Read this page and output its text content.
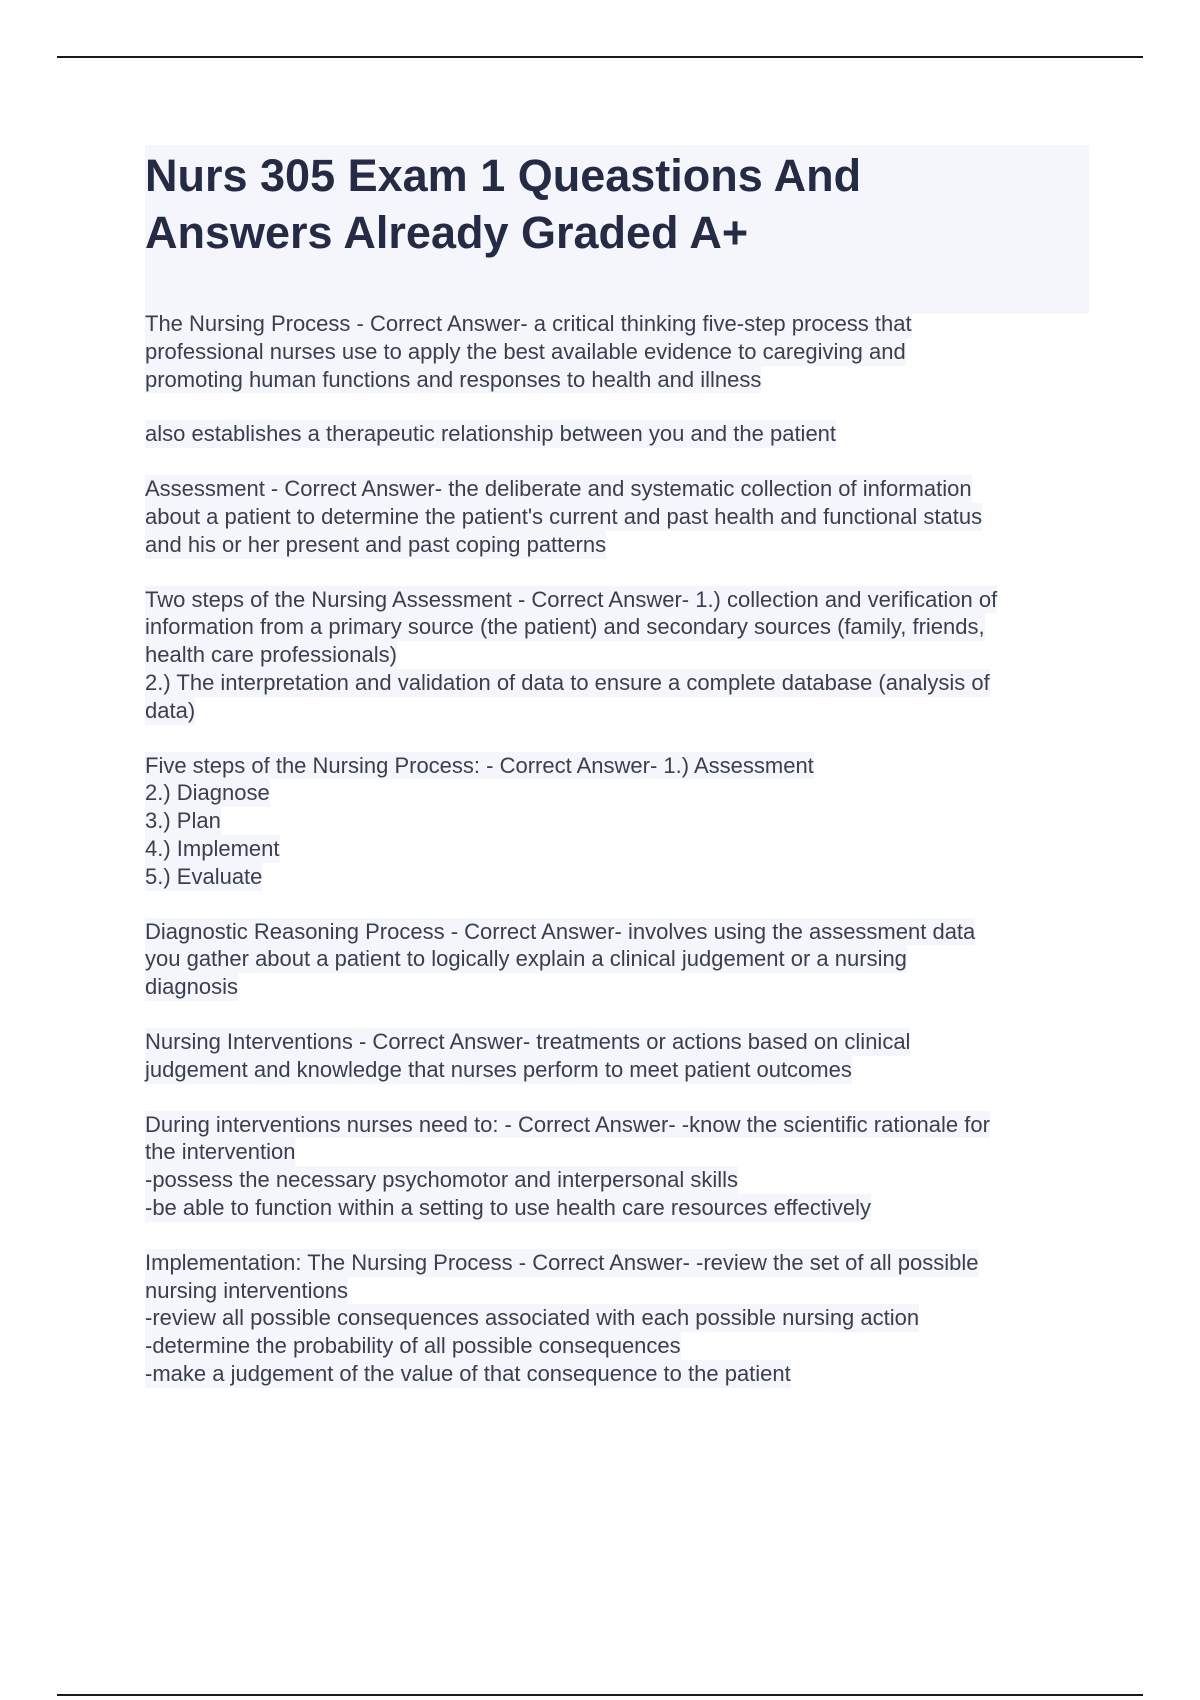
Nurs 305 Exam 1 Queastions And
Answers Already Graded A+
The Nursing Process - Correct Answer- a critical thinking five-step process that
professional nurses use to apply the best available evidence to caregiving and
promoting human functions and responses to health and illness
also establishes a therapeutic relationship between you and the patient
Assessment - Correct Answer- the deliberate and systematic collection of information
about a patient to determine the patient's current and past health and functional status
and his or her present and past coping patterns
Two steps of the Nursing Assessment - Correct Answer- 1.) collection and verification of
information from a primary source (the patient) and secondary sources (family, friends,
health care professionals)
2.) The interpretation and validation of data to ensure a complete database (analysis of
data)
Five steps of the Nursing Process: - Correct Answer- 1.) Assessment
2.) Diagnose
3.) Plan
4.) Implement
5.) Evaluate
Diagnostic Reasoning Process - Correct Answer- involves using the assessment data
you gather about a patient to logically explain a clinical judgement or a nursing
diagnosis
Nursing Interventions - Correct Answer- treatments or actions based on clinical
judgement and knowledge that nurses perform to meet patient outcomes
During interventions nurses need to: - Correct Answer- -know the scientific rationale for
the intervention
-possess the necessary psychomotor and interpersonal skills
-be able to function within a setting to use health care resources effectively
Implementation: The Nursing Process - Correct Answer- -review the set of all possible
nursing interventions
-review all possible consequences associated with each possible nursing action
-determine the probability of all possible consequences
-make a judgement of the value of that consequence to the patient
